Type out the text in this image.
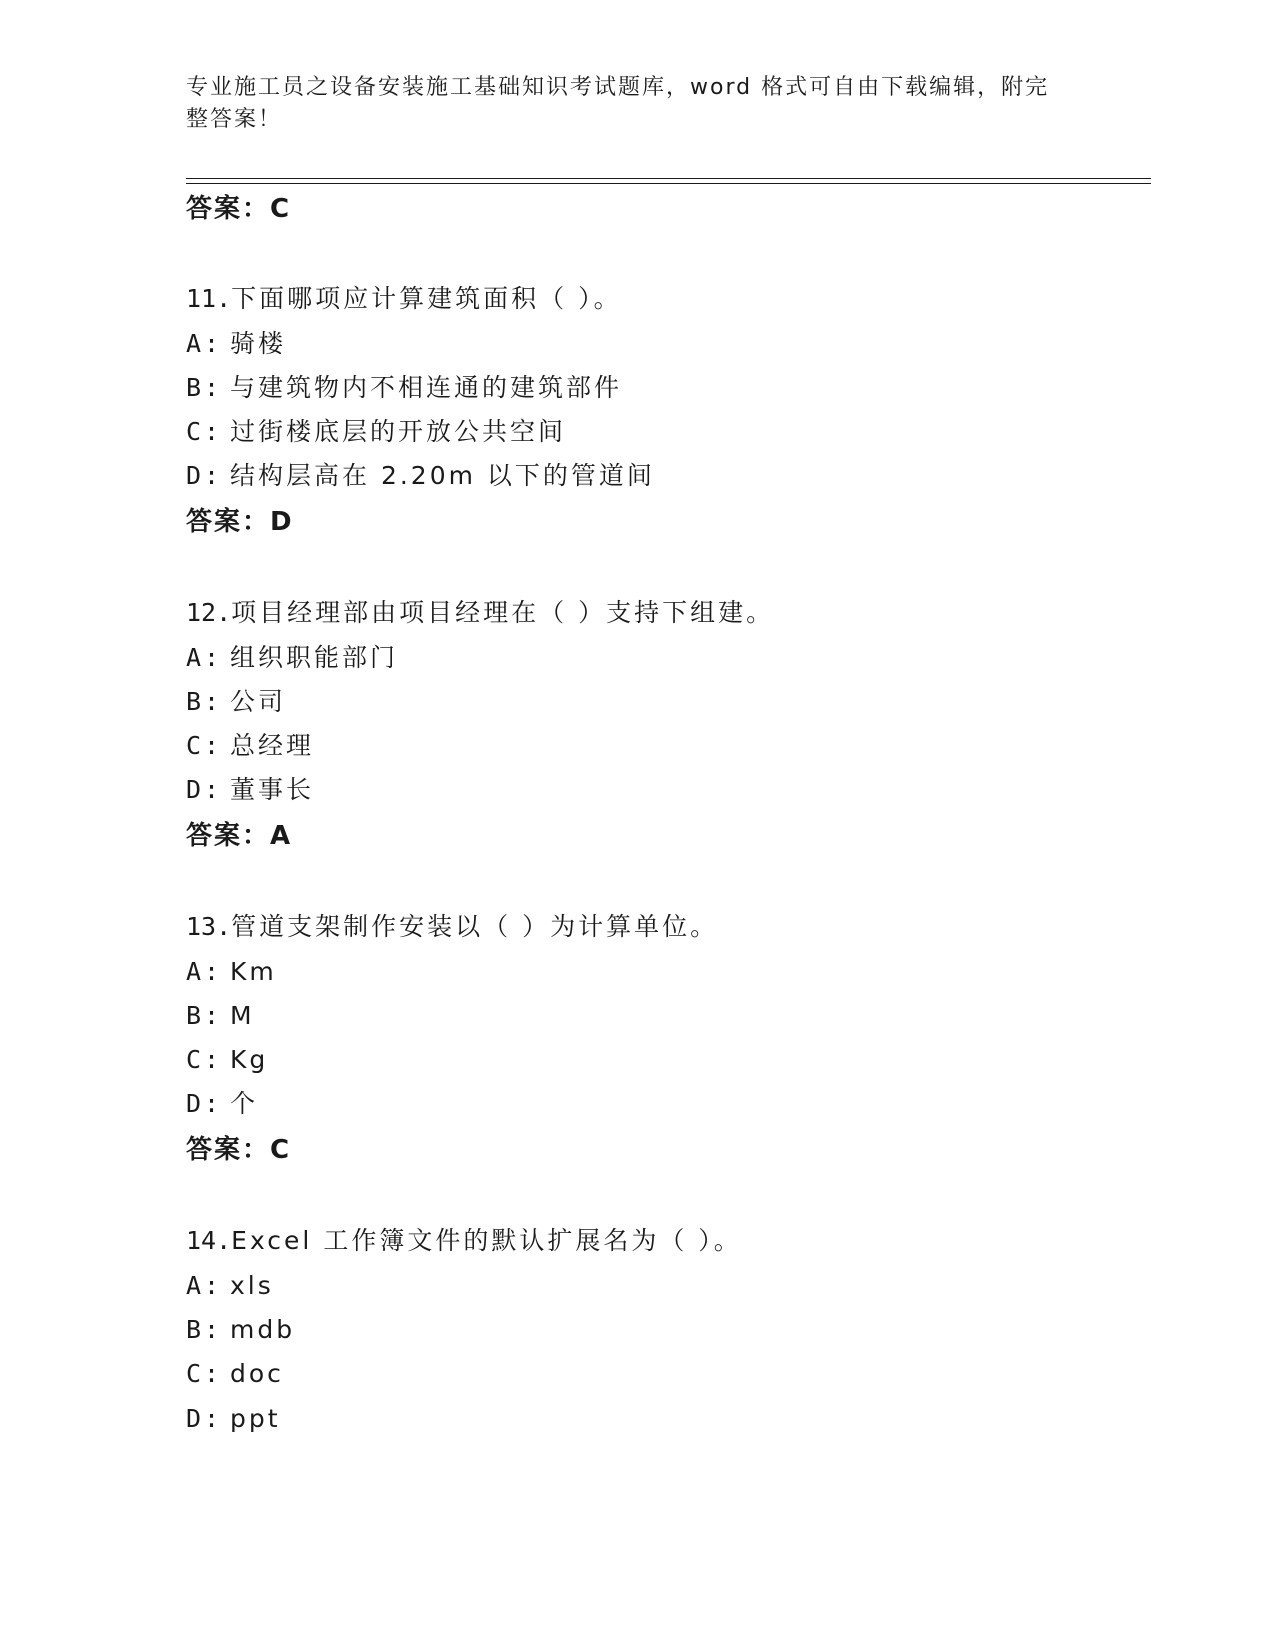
专业施工员之设备安装施工基础知识考试题库，word 格式可自由下载编辑，附完
整答案！
答案：C
11.下面哪项应计算建筑面积（ ）。
A: 骑楼
B: 与建筑物内不相连通的建筑部件
C: 过街楼底层的开放公共空间
D: 结构层高在 2.20m 以下的管道间
答案：D
12.项目经理部由项目经理在（ ）支持下组建。
A: 组织职能部门
B: 公司
C: 总经理
D: 董事长
答案：A
13.管道支架制作安装以（ ）为计算单位。
A: Km
B: M
C: Kg
D: 个
答案：C
14.Excel 工作簿文件的默认扩展名为（ ）。
A: xls
B: mdb
C: doc
D: ppt
